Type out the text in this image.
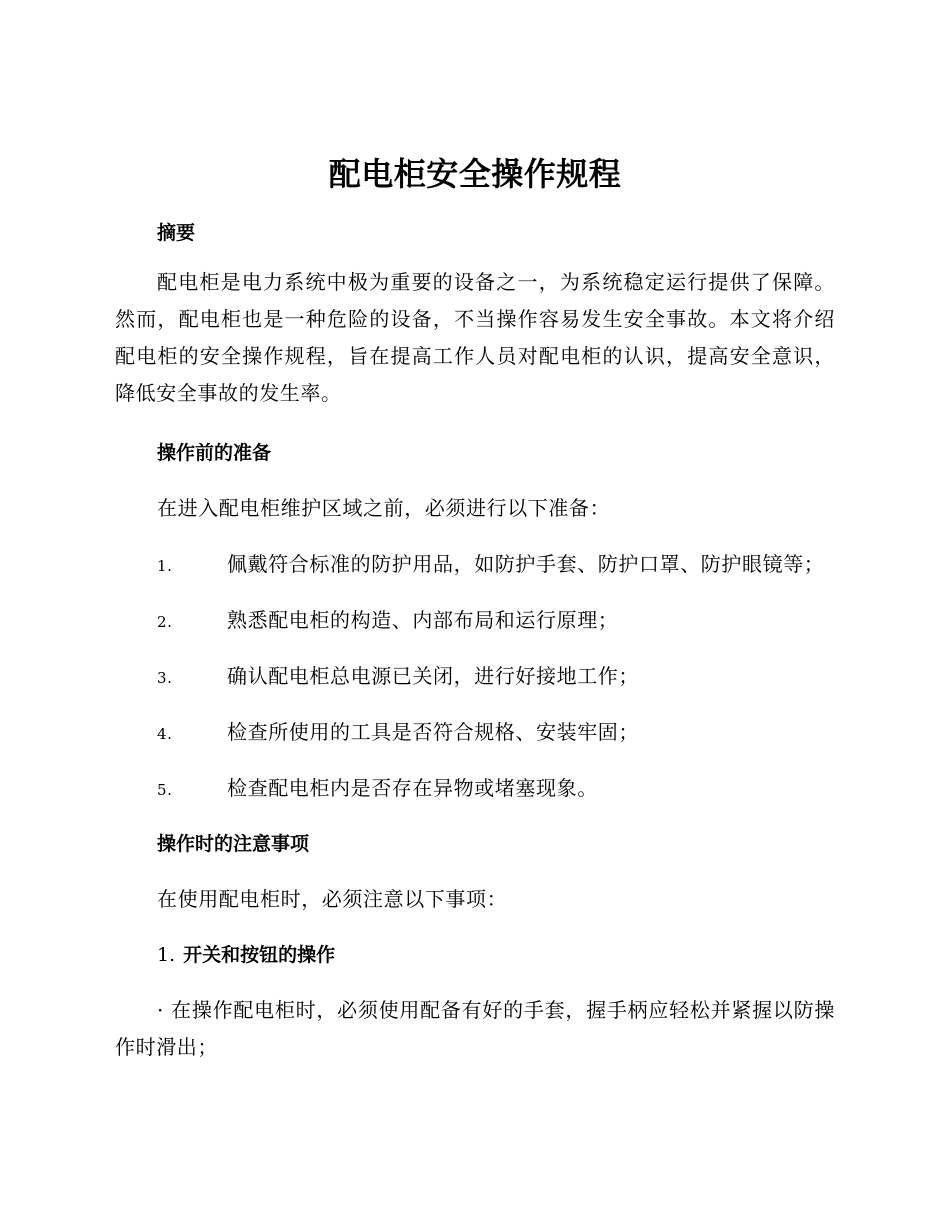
配电柜安全操作规程
摘要

配电柜是电力系统中极为重要的设备之一，为系统稳定运行提供了保障。然而，配电柜也是一种危险的设备，不当操作容易发生安全事故。本文将介绍配电柜的安全操作规程，旨在提高工作人员对配电柜的认识，提高安全意识，降低安全事故的发生率。

操作前的准备

在进入配电柜维护区域之前，必须进行以下准备：

1.	佩戴符合标准的防护用品，如防护手套、防护口罩、防护眼镜等；
2.	熟悉配电柜的构造、内部布局和运行原理；
3.	确认配电柜总电源已关闭，进行好接地工作；
4.	检查所使用的工具是否符合规格、安装牢固；
5.	检查配电柜内是否存在异物或堵塞现象。
操作时的注意事项

在使用配电柜时，必须注意以下事项：

1. 开关和按钮的操作

· 在操作配电柜时，必须使用配备有好的手套，握手柄应轻松并紧握以防操作时滑出；
